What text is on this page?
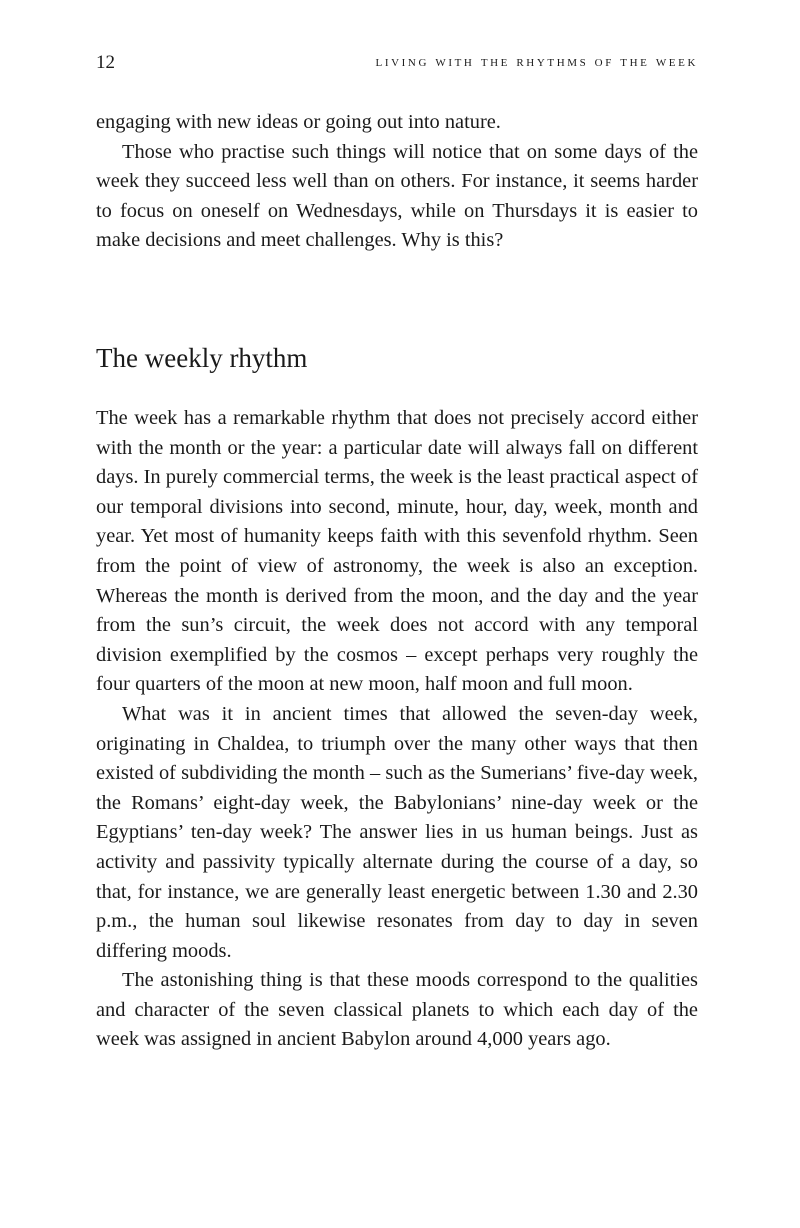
12	living with the rhythms of the week

engaging with new ideas or going out into nature.

Those who practise such things will notice that on some days of the week they succeed less well than on others. For instance, it seems harder to focus on oneself on Wednesdays, while on Thursdays it is easier to make decisions and meet challenges. Why is this?

The weekly rhythm

The week has a remarkable rhythm that does not precisely accord either with the month or the year: a particular date will always fall on different days. In purely commercial terms, the week is the least practical aspect of our temporal divisions into second, minute, hour, day, week, month and year. Yet most of humanity keeps faith with this sevenfold rhythm. Seen from the point of view of astronomy, the week is also an exception. Whereas the month is derived from the moon, and the day and the year from the sun’s circuit, the week does not accord with any temporal division exemplified by the cosmos – except perhaps very roughly the four quarters of the moon at new moon, half moon and full moon.

What was it in ancient times that allowed the seven-day week, originating in Chaldea, to triumph over the many other ways that then existed of subdividing the month – such as the Sumerians’ five-day week, the Romans’ eight-day week, the Babylonians’ nine-day week or the Egyptians’ ten-day week? The answer lies in us human beings. Just as activity and passivity typically alternate during the course of a day, so that, for instance, we are generally least energetic between 1.30 and 2.30 p.m., the human soul likewise resonates from day to day in seven differing moods.

The astonishing thing is that these moods correspond to the qualities and character of the seven classical planets to which each day of the week was assigned in ancient Babylon around 4,000 years ago.
